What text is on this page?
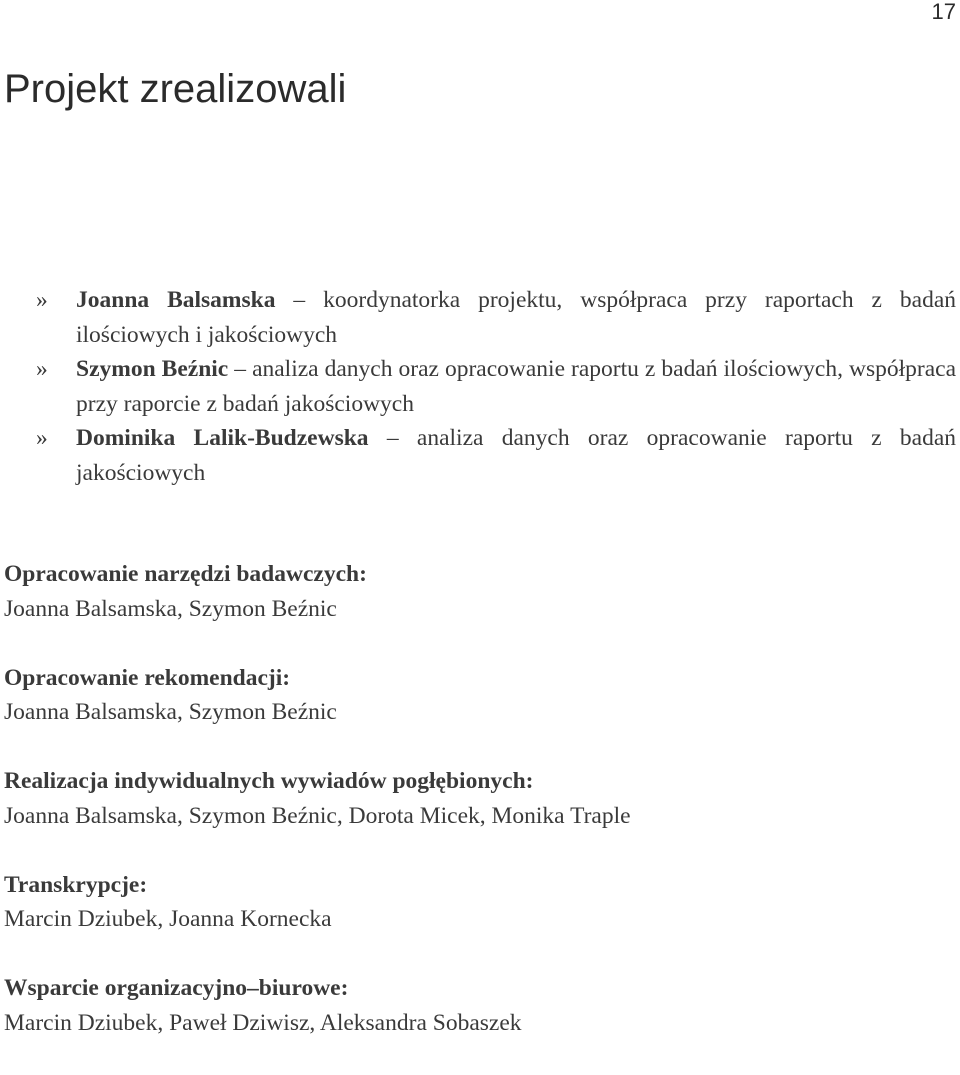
17
Projekt zrealizowali
» Joanna Balsamska – koordynatorka projektu, współpraca przy raportach z badań ilościowych i jakościowych
» Szymon Beźnic – analiza danych oraz opracowanie raportu z badań ilościowych, współpraca przy raporcie z badań jakościowych
» Dominika Lalik-Budzewska – analiza danych oraz opracowanie raportu z badań jakościowych

Opracowanie narzędzi badawczych:
Joanna Balsamska, Szymon Beźnic

Opracowanie rekomendacji:
Joanna Balsamska, Szymon Beźnic

Realizacja indywidualnych wywiadów pogłębionych:
Joanna Balsamska, Szymon Beźnic, Dorota Micek, Monika Traple

Transkrypcje:
Marcin Dziubek, Joanna Kornecka

Wsparcie organizacyjno–biurowe:
Marcin Dziubek, Paweł Dziwisz, Aleksandra Sobaszek
